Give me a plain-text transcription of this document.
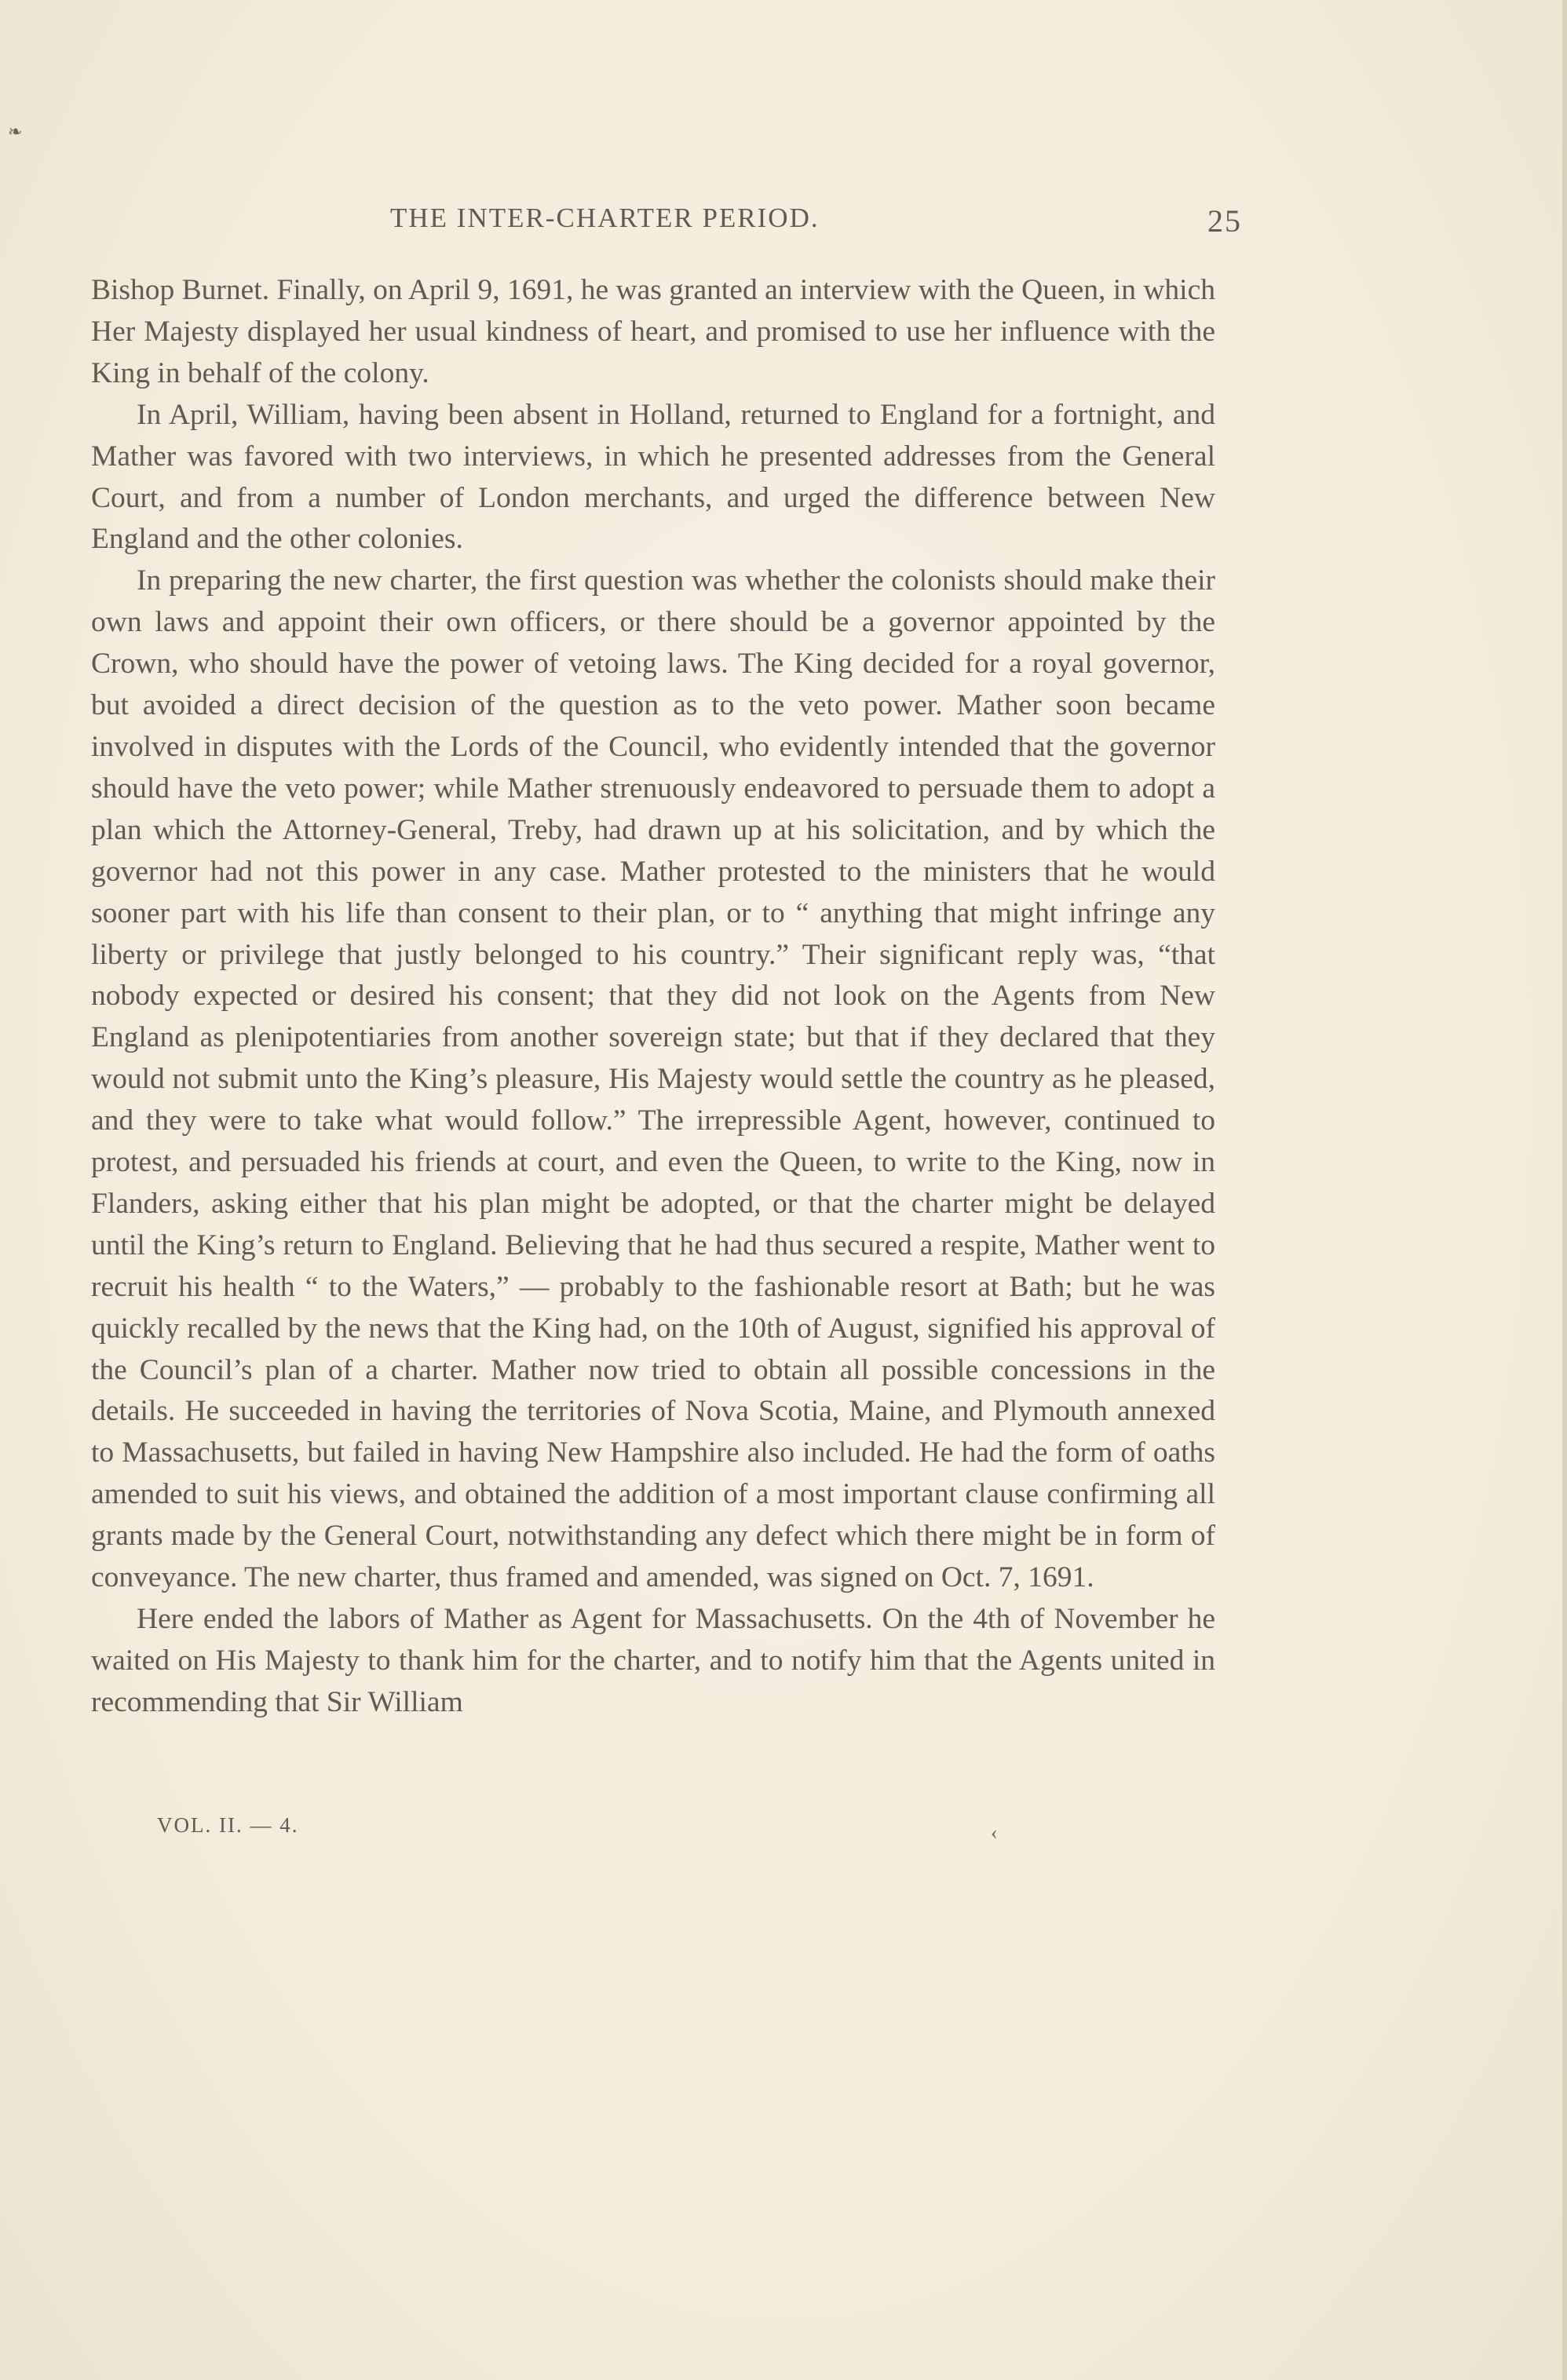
❧
THE INTER-CHARTER PERIOD.	25

Bishop Burnet. Finally, on April 9, 1691, he was granted an interview with the Queen, in which Her Majesty displayed her usual kindness of heart, and promised to use her influence with the King in behalf of the colony.

In April, William, having been absent in Holland, returned to England for a fortnight, and Mather was favored with two interviews, in which he presented addresses from the General Court, and from a number of London merchants, and urged the difference between New England and the other colonies.

In preparing the new charter, the first question was whether the colonists should make their own laws and appoint their own officers, or there should be a governor appointed by the Crown, who should have the power of vetoing laws. The King decided for a royal governor, but avoided a direct decision of the question as to the veto power. Mather soon became involved in disputes with the Lords of the Council, who evidently intended that the governor should have the veto power; while Mather strenuously endeavored to persuade them to adopt a plan which the Attorney-General, Treby, had drawn up at his solicitation, and by which the governor had not this power in any case. Mather protested to the ministers that he would sooner part with his life than consent to their plan, or to “ anything that might infringe any liberty or privilege that justly belonged to his country.” Their significant reply was, “that nobody expected or desired his consent; that they did not look on the Agents from New England as plenipotentiaries from another sovereign state; but that if they declared that they would not submit unto the King’s pleasure, His Majesty would settle the country as he pleased, and they were to take what would follow.” The irrepressible Agent, however, continued to protest, and persuaded his friends at court, and even the Queen, to write to the King, now in Flanders, asking either that his plan might be adopted, or that the charter might be delayed until the King’s return to England. Believing that he had thus secured a respite, Mather went to recruit his health “ to the Waters,” — probably to the fashionable resort at Bath; but he was quickly recalled by the news that the King had, on the 10th of August, signified his approval of the Council’s plan of a charter. Mather now tried to obtain all possible concessions in the details. He succeeded in having the territories of Nova Scotia, Maine, and Plymouth annexed to Massachusetts, but failed in having New Hampshire also included. He had the form of oaths amended to suit his views, and obtained the addition of a most important clause confirming all grants made by the General Court, notwithstanding any defect which there might be in form of conveyance. The new charter, thus framed and amended, was signed on Oct. 7, 1691.

Here ended the labors of Mather as Agent for Massachusetts. On the 4th of November he waited on His Majesty to thank him for the charter, and to notify him that the Agents united in recommending that Sir William

VOL. II. — 4.	‹
